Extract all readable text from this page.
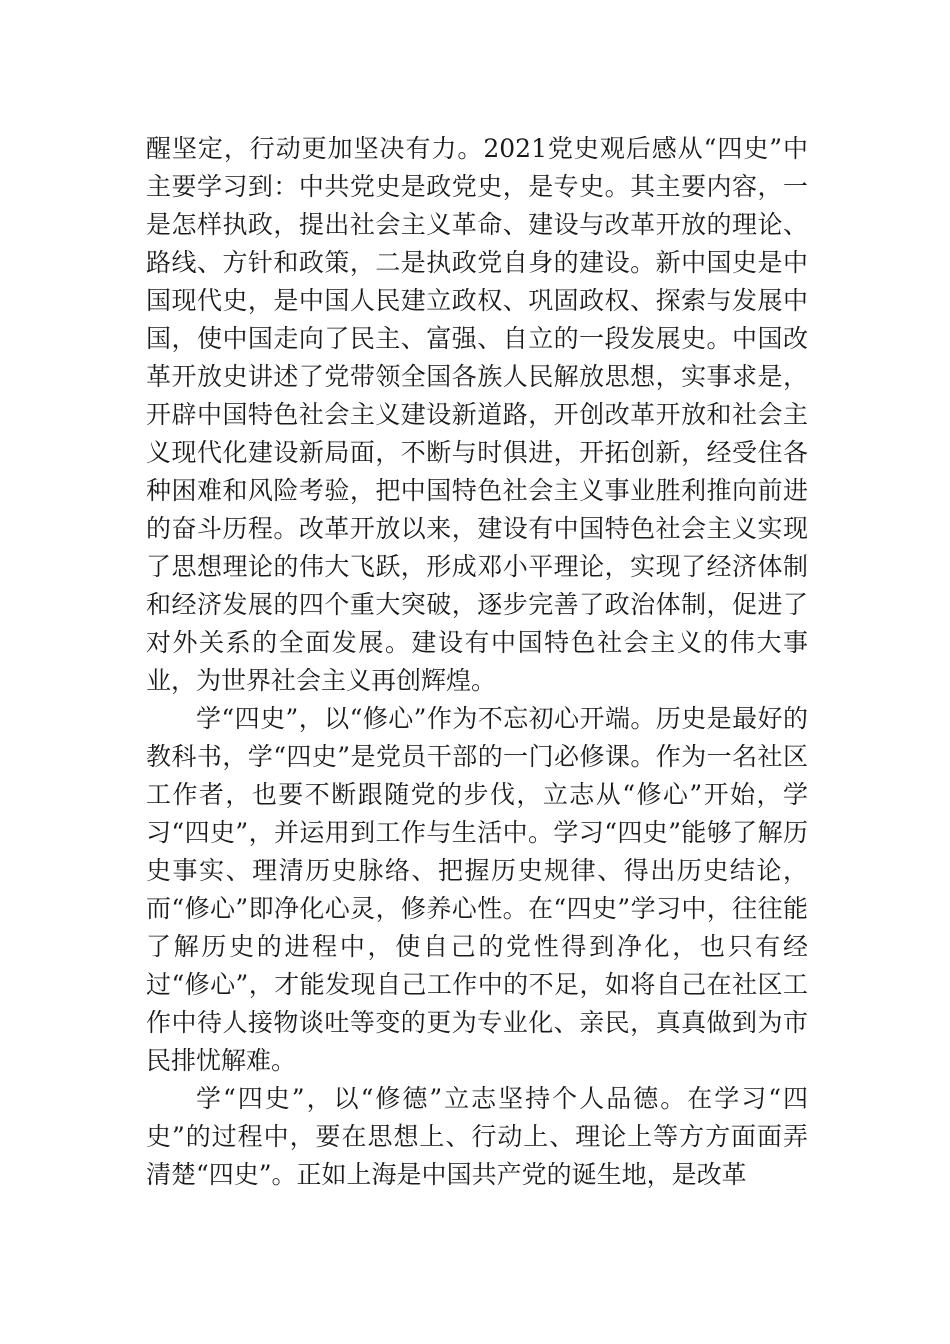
醒坚定，行动更加坚决有力。2021党史观后感从“四史”中主要学习到：中共党史是政党史，是专史。其主要内容，一是怎样执政，提出社会主义革命、建设与改革开放的理论、路线、方针和政策，二是执政党自身的建设。新中国史是中国现代史，是中国人民建立政权、巩固政权、探索与发展中国，使中国走向了民主、富强、自立的一段发展史。中国改革开放史讲述了党带领全国各族人民解放思想，实事求是，开辟中国特色社会主义建设新道路，开创改革开放和社会主义现代化建设新局面，不断与时俱进，开拓创新，经受住各种困难和风险考验，把中国特色社会主义事业胜利推向前进的奋斗历程。改革开放以来，建设有中国特色社会主义实现了思想理论的伟大飞跃，形成邓小平理论，实现了经济体制和经济发展的四个重大突破，逐步完善了政治体制，促进了对外关系的全面发展。建设有中国特色社会主义的伟大事业，为世界社会主义再创辉煌。

学“四史”，以“修心”作为不忘初心开端。历史是最好的教科书，学“四史”是党员干部的一门必修课。作为一名社区工作者，也要不断跟随党的步伐，立志从“修心”开始，学习“四史”，并运用到工作与生活中。学习“四史”能够了解历史事实、理清历史脉络、把握历史规律、得出历史结论，而“修心”即净化心灵，修养心性。在“四史”学习中，往往能了解历史的进程中，使自己的党性得到净化，也只有经过“修心”，才能发现自己工作中的不足，如将自己在社区工作中待人接物谈吐等变的更为专业化、亲民，真真做到为市民排忧解难。

学“四史”，以“修德”立志坚持个人品德。在学习“四史”的过程中，要在思想上、行动上、理论上等方方面面弄清楚“四史”。正如上海是中国共产党的诞生地，是改革
